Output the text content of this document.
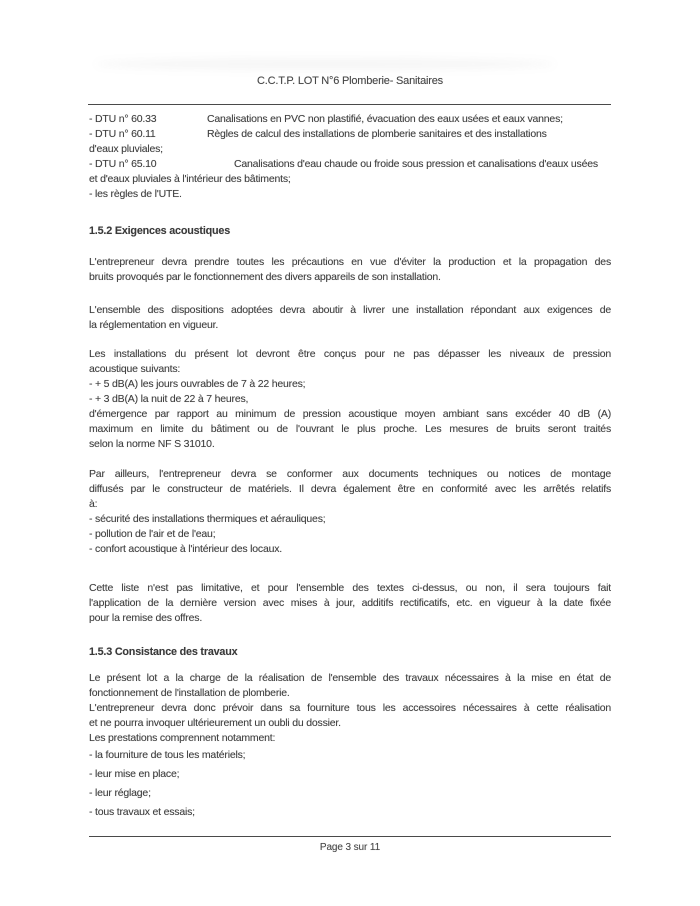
C.C.T.P. LOT N°6 Plomberie- Sanitaires
- DTU n° 60.33	Canalisations en PVC non plastifié, évacuation des eaux usées et eaux vannes;
- DTU n° 60.11	Règles de calcul des installations de plomberie sanitaires et des installations
d'eaux pluviales;
- DTU n° 65.10	Canalisations d'eau chaude ou froide sous pression et canalisations d'eaux usées
et d'eaux pluviales à l'intérieur des bâtiments;
- les règles de l'UTE.
1.5.2 Exigences acoustiques

L'entrepreneur devra prendre toutes les précautions en vue d'éviter la production et la propagation des
bruits provoqués par le fonctionnement des divers appareils de son installation.

L'ensemble des dispositions adoptées devra aboutir à livrer une installation répondant aux exigences de
la réglementation en vigueur.

Les installations du présent lot devront être conçus pour ne pas dépasser les niveaux de pression
acoustique suivants:
- + 5 dB(A) les jours ouvrables de 7 à 22 heures;
- + 3 dB(A) la nuit de 22 à 7 heures,
d'émergence par rapport au minimum de pression acoustique moyen ambiant sans excéder 40 dB (A)
maximum en limite du bâtiment ou de l'ouvrant le plus proche. Les mesures de bruits seront traités
selon la norme NF S 31010.

Par ailleurs, l'entrepreneur devra se conformer aux documents techniques ou notices de montage
diffusés par le constructeur de matériels. Il devra également être en conformité avec les arrêtés relatifs
à:
- sécurité des installations thermiques et aérauliques;
- pollution de l'air et de l'eau;
- confort acoustique à l'intérieur des locaux.

Cette liste n'est pas limitative, et pour l'ensemble des textes ci-dessus, ou non, il sera toujours fait
l'application de la dernière version avec mises à jour, additifs rectificatifs, etc. en vigueur à la date fixée
pour la remise des offres.

1.5.3 Consistance des travaux

Le présent lot a la charge de la réalisation de l'ensemble des travaux nécessaires à la mise en état de
fonctionnement de l'installation de plomberie.

L'entrepreneur devra donc prévoir dans sa fourniture tous les accessoires nécessaires à cette réalisation
et ne pourra invoquer ultérieurement un oubli du dossier.

Les prestations comprennent notamment:
- la fourniture de tous les matériels;
- leur mise en place;
- leur réglage;
- tous travaux et essais;
Page 3 sur 11
